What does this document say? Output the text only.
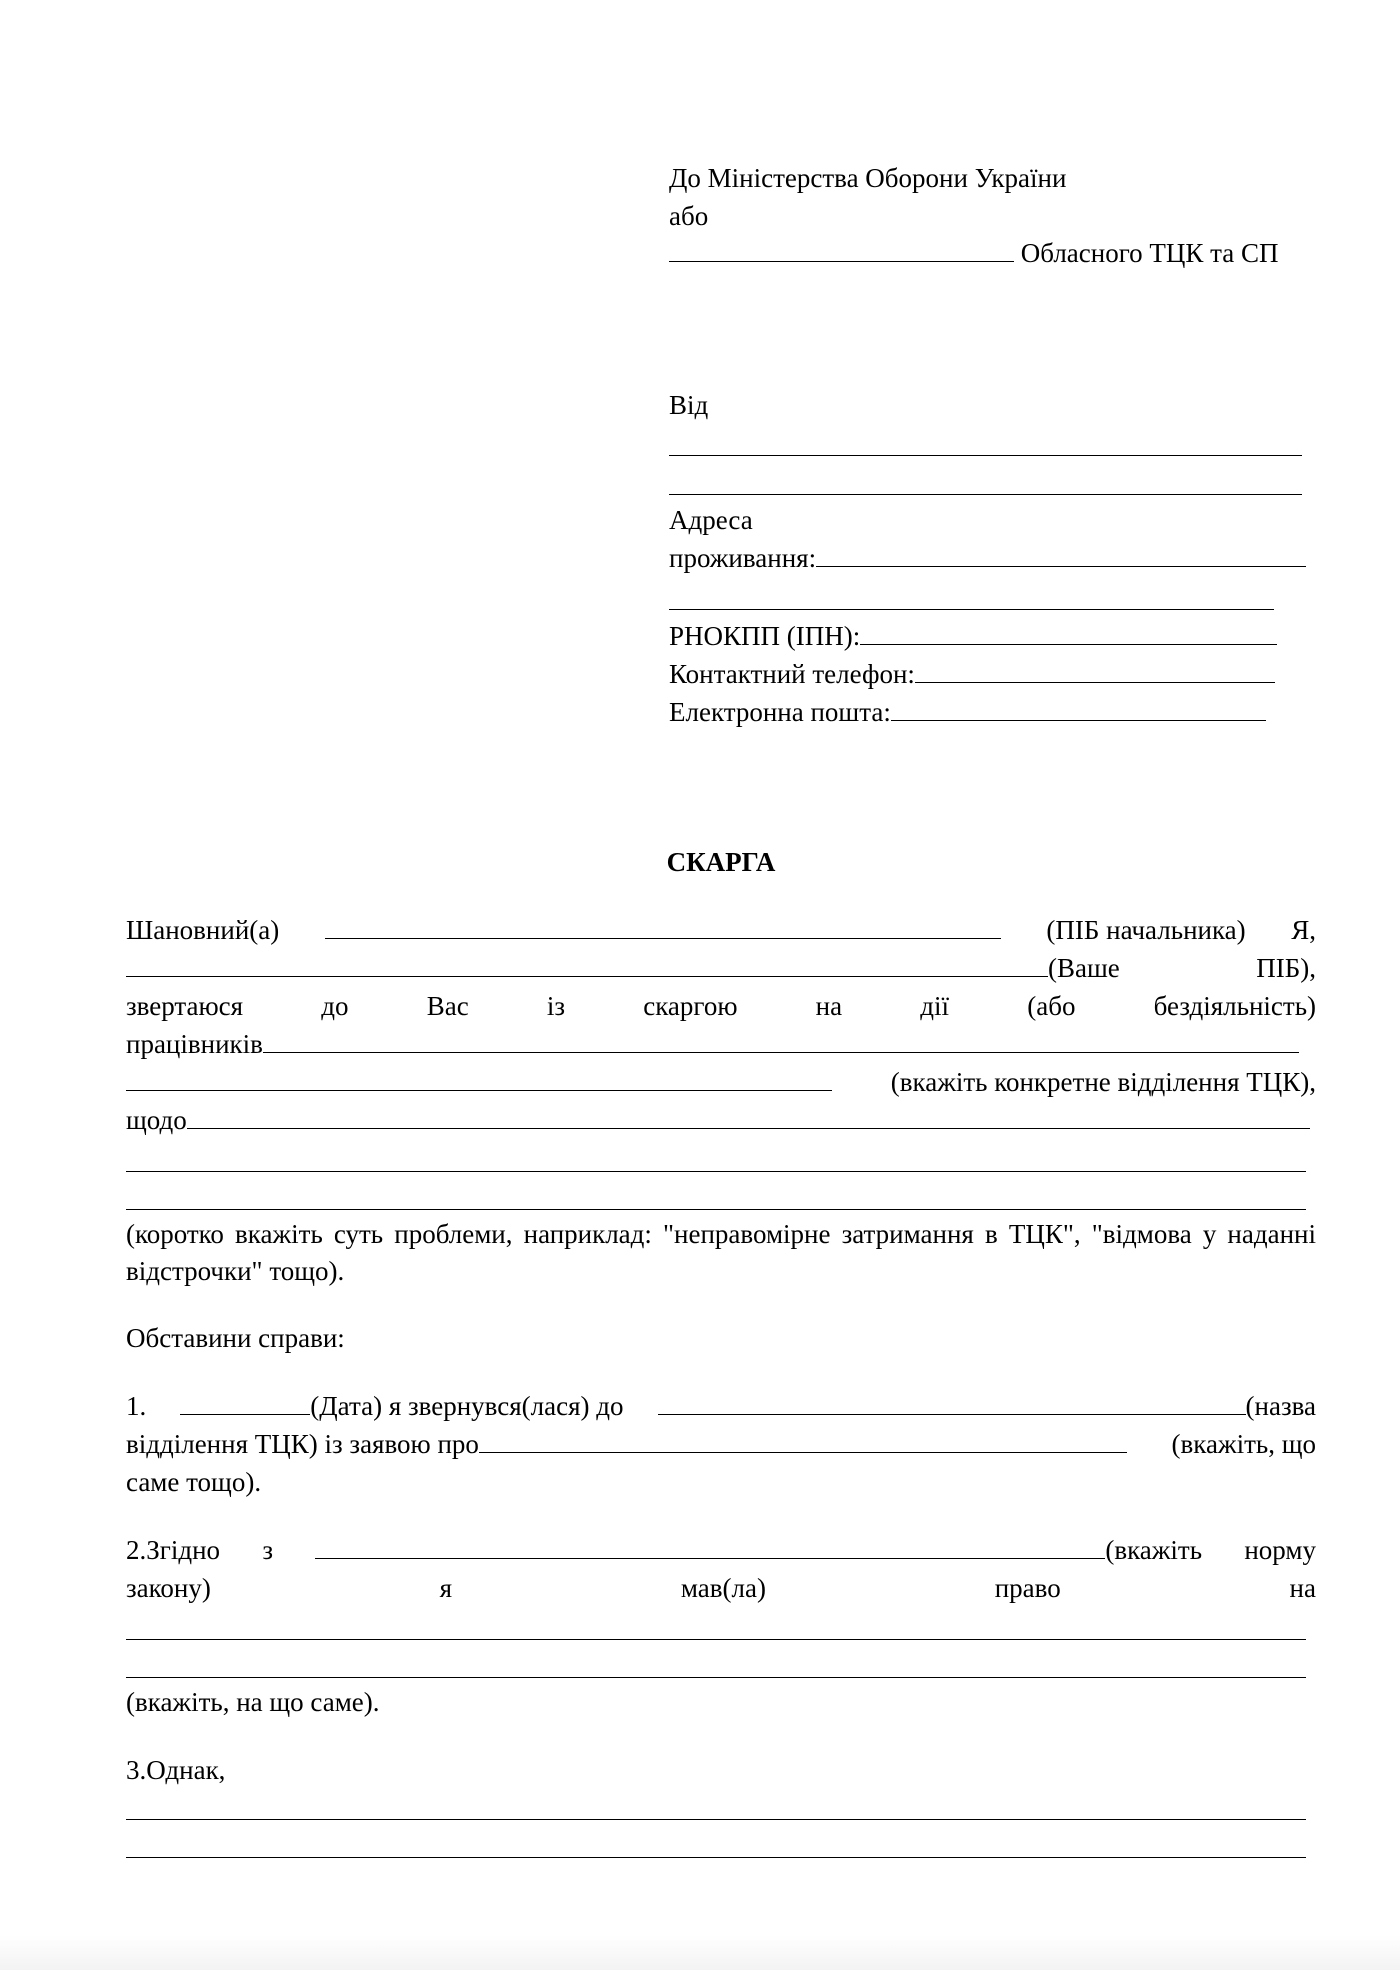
До Міністерства Оборони України
або
Обласного ТЦК та СП
Від
Адреса
проживання:
РНОКПП (ІПН):
Контактний телефон:
Електронна пошта:
СКАРГА
Шановний(а)	(ПІБ начальника) Я,
(Ваше	ПІБ),
звертаюся	до	Вас	із	скаргою	на	дії	(або	бездіяльність)
працівників
(вкажіть конкретне відділення ТЦК),
щодо
(коротко вкажіть суть проблеми, наприклад: "неправомірне затримання в ТЦК", "відмова у наданні відстрочки" тощо).
Обставини справи:
1.	(Дата) я звернувся(лася) до	(назва
відділення ТЦК) із заявою про	(вкажіть, що
саме тощо).
2.Згідно з	(вкажіть норму
закону)	я	мав(ла)	право	на
(вкажіть, на що саме).
3.Однак,
